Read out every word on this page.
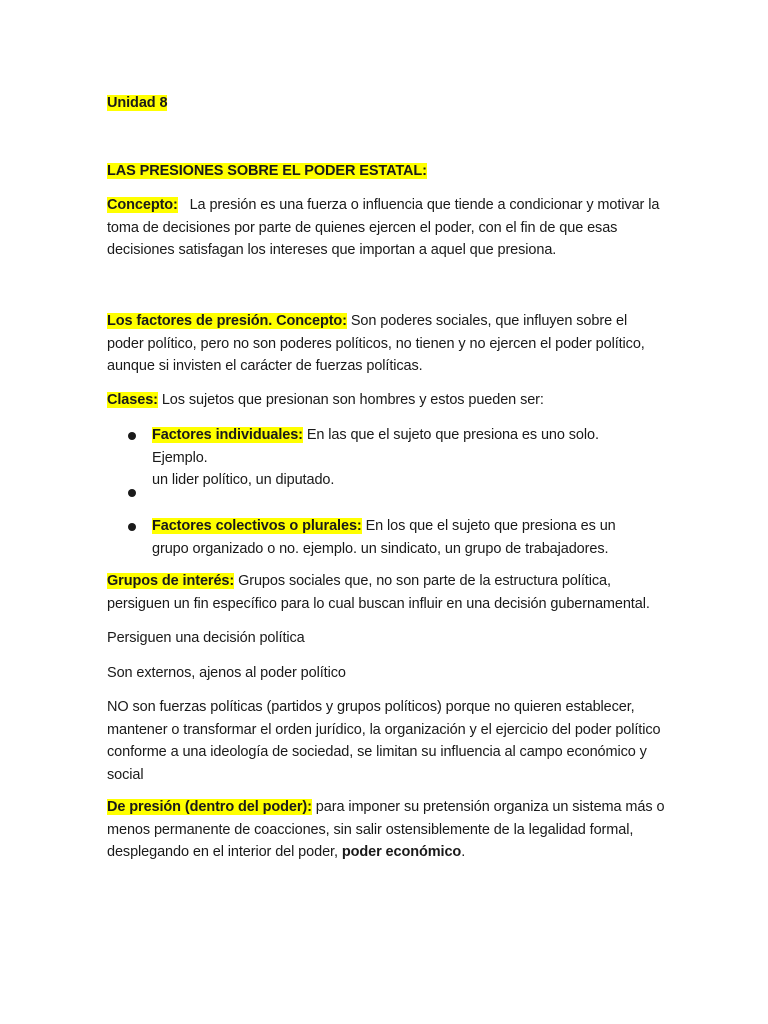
Unidad 8
LAS PRESIONES SOBRE EL PODER ESTATAL:
Concepto: La presión es una fuerza o influencia que tiende a condicionar y motivar la toma de decisiones por parte de quienes ejercen el poder, con el fin de que esas decisiones satisfagan los intereses que importan a aquel que presiona.
Los factores de presión. Concepto: Son poderes sociales, que influyen sobre el poder político, pero no son poderes políticos, no tienen y no ejercen el poder político, aunque si invisten el carácter de fuerzas políticas.
Clases: Los sujetos que presionan son hombres y estos pueden ser:
Factores individuales: En las que el sujeto que presiona es uno solo. Ejemplo.
un lider político, un diputado.
Factores colectivos o plurales: En los que el sujeto que presiona es un grupo organizado o no. ejemplo. un sindicato, un grupo de trabajadores.
Grupos de interés: Grupos sociales que, no son parte de la estructura política, persiguen un fin específico para lo cual buscan influir en una decisión gubernamental.
Persiguen una decisión política
Son externos, ajenos al poder político
NO son fuerzas políticas (partidos y grupos políticos) porque no quieren establecer, mantener o transformar el orden jurídico, la organización y el ejercicio del poder político conforme a una ideología de sociedad, se limitan su influencia al campo económico y social
De presión (dentro del poder): para imponer su pretensión organiza un sistema más o menos permanente de coacciones, sin salir ostensiblemente de la legalidad formal, desplegando en el interior del poder, poder económico.
